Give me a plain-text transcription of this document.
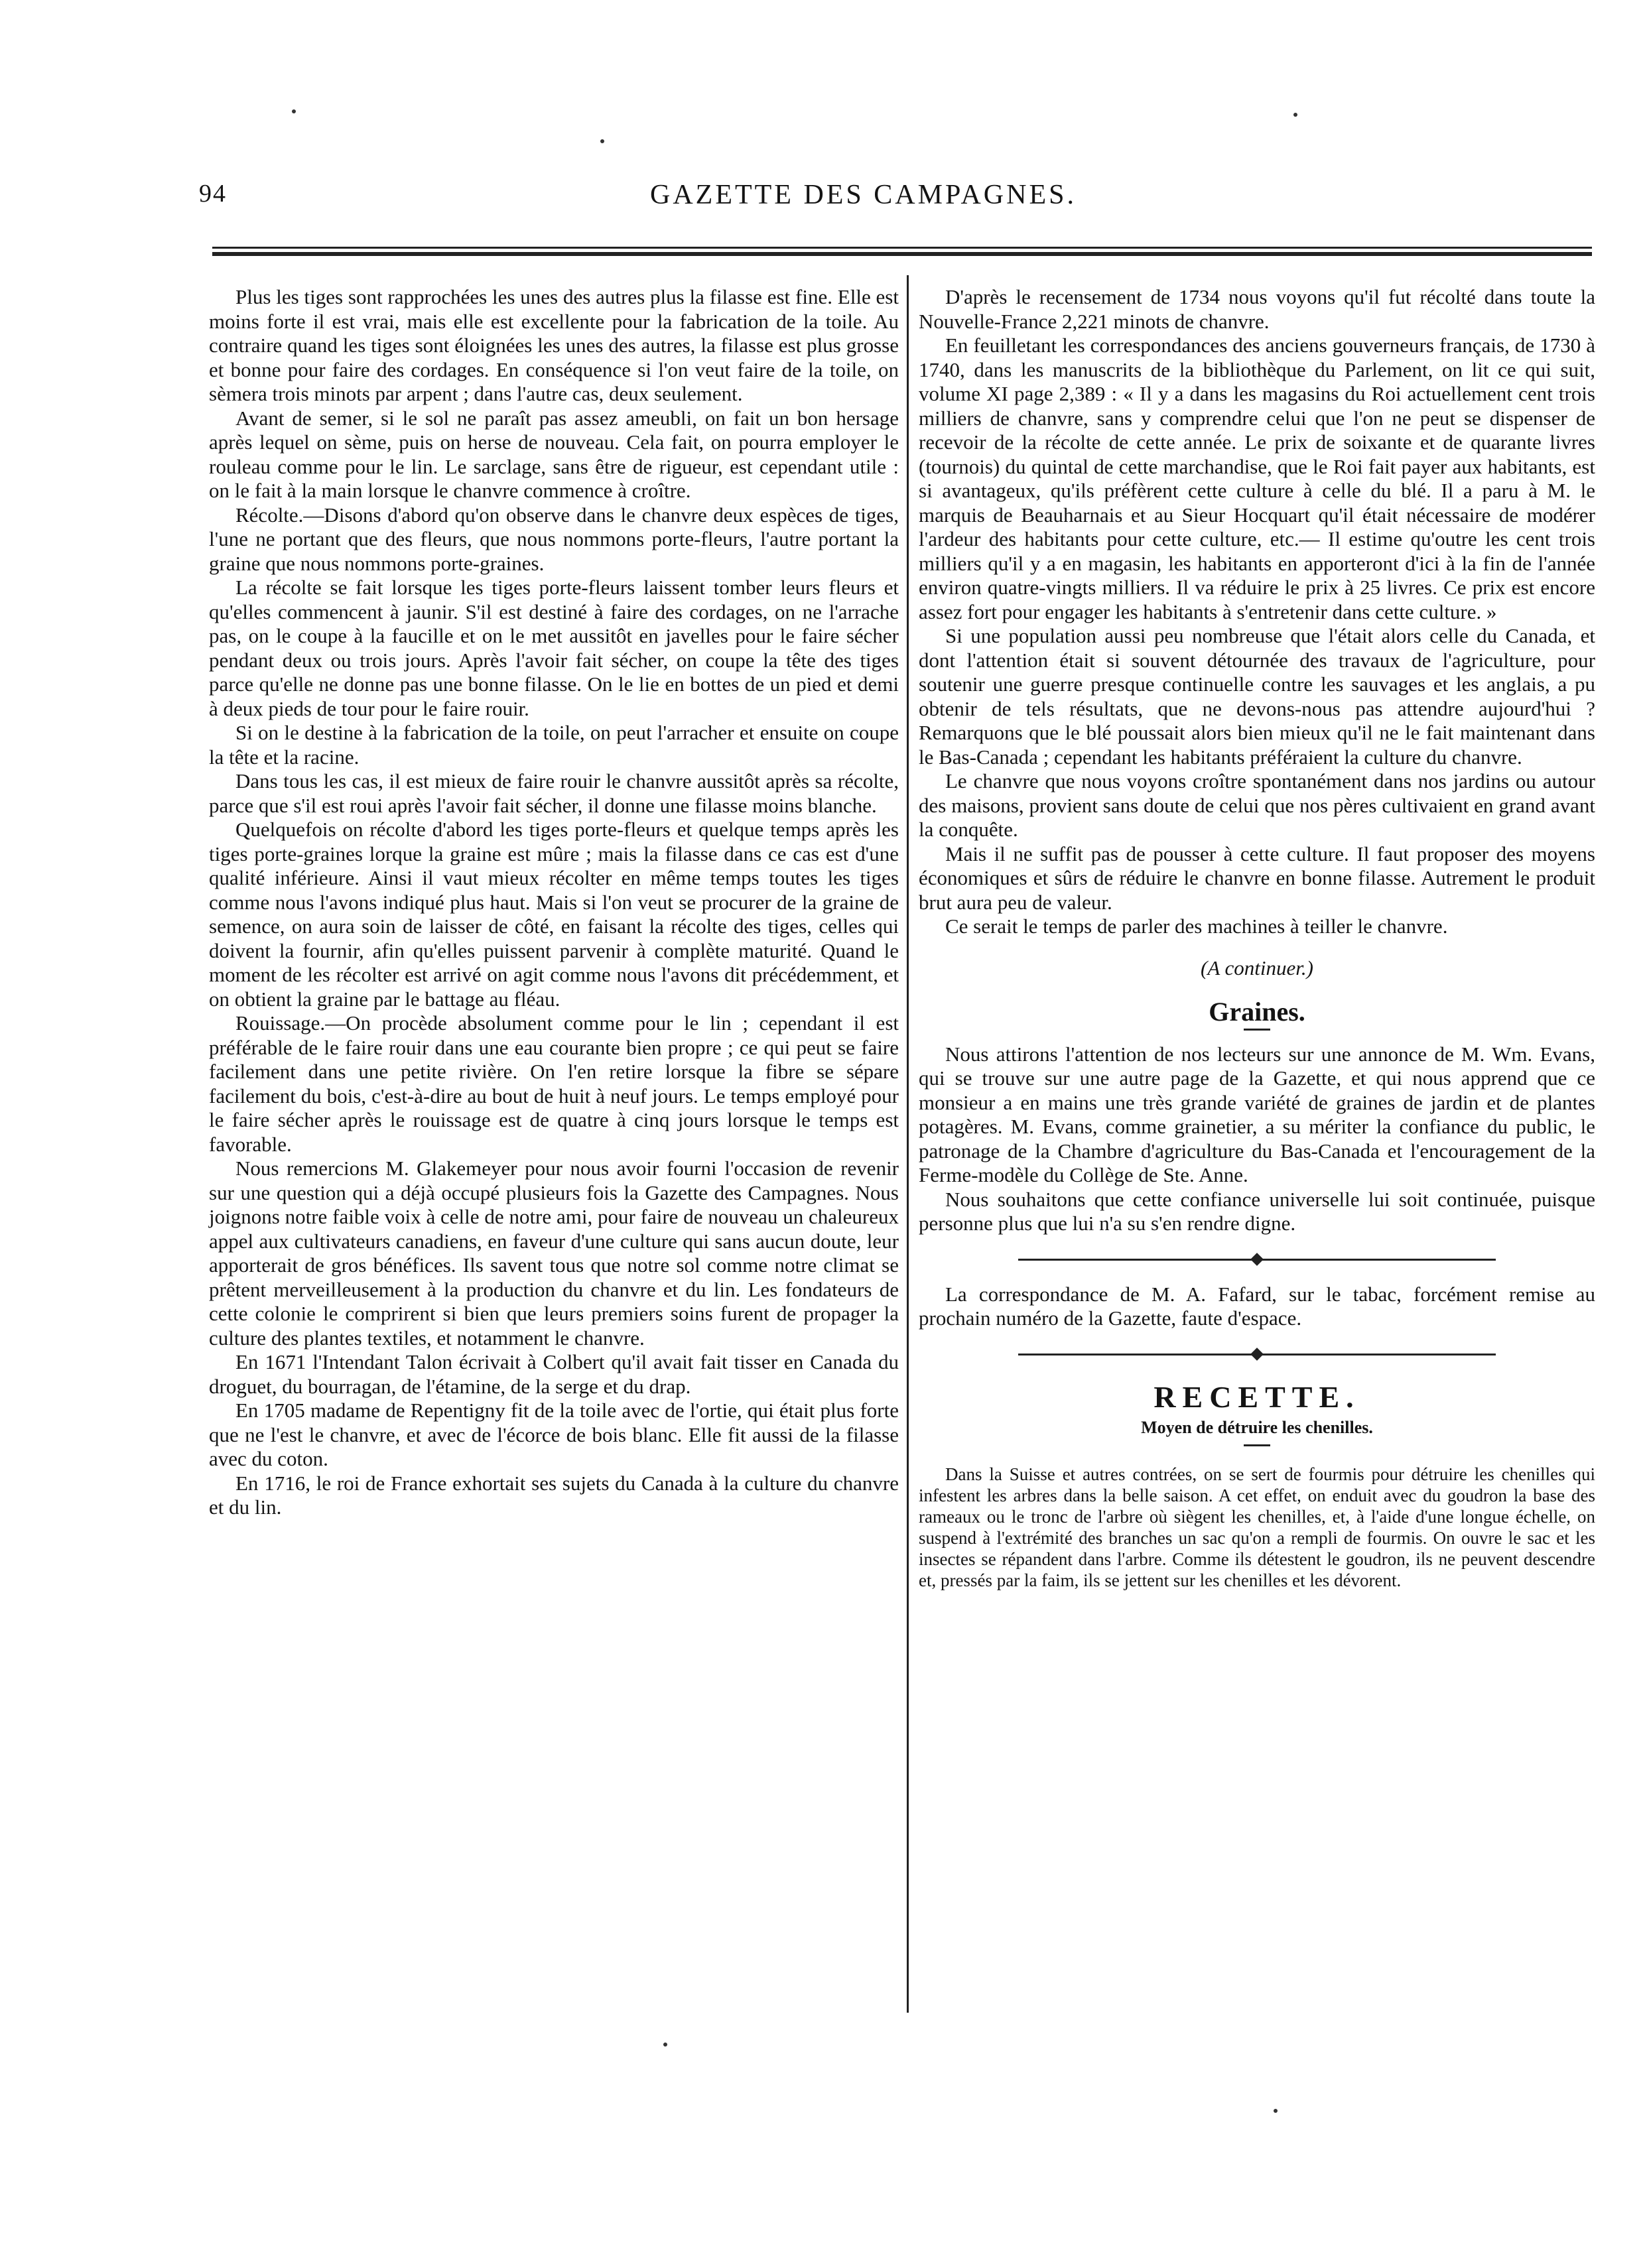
94	GAZETTE DES CAMPAGNES.

Plus les tiges sont rapprochées les unes des autres plus la filasse est fine. Elle est moins forte il est vrai, mais elle est excellente pour la fabrication de la toile. Au contraire quand les tiges sont éloignées les unes des autres, la filasse est plus grosse et bonne pour faire des cordages. En conséquence si l'on veut faire de la toile, on sèmera trois minots par arpent ; dans l'autre cas, deux seulement.

Avant de semer, si le sol ne paraît pas assez ameubli, on fait un bon hersage après lequel on sème, puis on herse de nouveau. Cela fait, on pourra employer le rouleau comme pour le lin. Le sarclage, sans être de rigueur, est cependant utile : on le fait à la main lorsque le chanvre commence à croître.

Récolte.—Disons d'abord qu'on observe dans le chanvre deux espèces de tiges, l'une ne portant que des fleurs, que nous nommons porte-fleurs, l'autre portant la graine que nous nommons porte-graines.

La récolte se fait lorsque les tiges porte-fleurs laissent tomber leurs fleurs et qu'elles commencent à jaunir. S'il est destiné à faire des cordages, on ne l'arrache pas, on le coupe à la faucille et on le met aussitôt en javelles pour le faire sécher pendant deux ou trois jours. Après l'avoir fait sécher, on coupe la tête des tiges parce qu'elle ne donne pas une bonne filasse. On le lie en bottes de un pied et demi à deux pieds de tour pour le faire rouir.

Si on le destine à la fabrication de la toile, on peut l'arracher et ensuite on coupe la tête et la racine.

Dans tous les cas, il est mieux de faire rouir le chanvre aussitôt après sa récolte, parce que s'il est roui après l'avoir fait sécher, il donne une filasse moins blanche.

Quelquefois on récolte d'abord les tiges porte-fleurs et quelque temps après les tiges porte-graines lorque la graine est mûre ; mais la filasse dans ce cas est d'une qualité inférieure. Ainsi il vaut mieux récolter en même temps toutes les tiges comme nous l'avons indiqué plus haut. Mais si l'on veut se procurer de la graine de semence, on aura soin de laisser de côté, en faisant la récolte des tiges, celles qui doivent la fournir, afin qu'elles puissent parvenir à complète maturité. Quand le moment de les récolter est arrivé on agit comme nous l'avons dit précédemment, et on obtient la graine par le battage au fléau.

Rouissage.—On procède absolument comme pour le lin ; cependant il est préférable de le faire rouir dans une eau courante bien propre ; ce qui peut se faire facilement dans une petite rivière. On l'en retire lorsque la fibre se sépare facilement du bois, c'est-à-dire au bout de huit à neuf jours. Le temps employé pour le faire sécher après le rouissage est de quatre à cinq jours lorsque le temps est favorable.

Nous remercions M. Glakemeyer pour nous avoir fourni l'occasion de revenir sur une question qui a déjà occupé plusieurs fois la Gazette des Campagnes. Nous joignons notre faible voix à celle de notre ami, pour faire de nouveau un chaleureux appel aux cultivateurs canadiens, en faveur d'une culture qui sans aucun doute, leur apporterait de gros bénéfices. Ils savent tous que notre sol comme notre climat se prêtent merveilleusement à la production du chanvre et du lin. Les fondateurs de cette colonie le comprirent si bien que leurs premiers soins furent de propager la culture des plantes textiles, et notamment le chanvre.

En 1671 l'Intendant Talon écrivait à Colbert qu'il avait fait tisser en Canada du droguet, du bourragan, de l'étamine, de la serge et du drap.

En 1705 madame de Repentigny fit de la toile avec de l'ortie, qui était plus forte que ne l'est le chanvre, et avec de l'écorce de bois blanc. Elle fit aussi de la filasse avec du coton.

En 1716, le roi de France exhortait ses sujets du Canada à la culture du chanvre et du lin.

D'après le recensement de 1734 nous voyons qu'il fut récolté dans toute la Nouvelle-France 2,221 minots de chanvre.

En feuilletant les correspondances des anciens gouverneurs français, de 1730 à 1740, dans les manuscrits de la bibliothèque du Parlement, on lit ce qui suit, volume XI page 2,389 : « Il y a dans les magasins du Roi actuellement cent trois milliers de chanvre, sans y comprendre celui que l'on ne peut se dispenser de recevoir de la récolte de cette année. Le prix de soixante et de quarante livres (tournois) du quintal de cette marchandise, que le Roi fait payer aux habitants, est si avantageux, qu'ils préfèrent cette culture à celle du blé. Il a paru à M. le marquis de Beauharnais et au Sieur Hocquart qu'il était nécessaire de modérer l'ardeur des habitants pour cette culture, etc.— Il estime qu'outre les cent trois milliers qu'il y a en magasin, les habitants en apporteront d'ici à la fin de l'année environ quatre-vingts milliers. Il va réduire le prix à 25 livres. Ce prix est encore assez fort pour engager les habitants à s'entretenir dans cette culture. »

Si une population aussi peu nombreuse que l'était alors celle du Canada, et dont l'attention était si souvent détournée des travaux de l'agriculture, pour soutenir une guerre presque continuelle contre les sauvages et les anglais, a pu obtenir de tels résultats, que ne devons-nous pas attendre aujourd'hui ? Remarquons que le blé poussait alors bien mieux qu'il ne le fait maintenant dans le Bas-Canada ; cependant les habitants préféraient la culture du chanvre.

Le chanvre que nous voyons croître spontanément dans nos jardins ou autour des maisons, provient sans doute de celui que nos pères cultivaient en grand avant la conquête.

Mais il ne suffit pas de pousser à cette culture. Il faut proposer des moyens économiques et sûrs de réduire le chanvre en bonne filasse. Autrement le produit brut aura peu de valeur.

Ce serait le temps de parler des machines à teiller le chanvre.

(A continuer.)

Graines.

Nous attirons l'attention de nos lecteurs sur une annonce de M. Wm. Evans, qui se trouve sur une autre page de la Gazette, et qui nous apprend que ce monsieur a en mains une très grande variété de graines de jardin et de plantes potagères. M. Evans, comme grainetier, a su mériter la confiance du public, le patronage de la Chambre d'agriculture du Bas-Canada et l'encouragement de la Ferme-modèle du Collège de Ste. Anne.

Nous souhaitons que cette confiance universelle lui soit continuée, puisque personne plus que lui n'a su s'en rendre digne.

La correspondance de M. A. Fafard, sur le tabac, forcément remise au prochain numéro de la Gazette, faute d'espace.

RECETTE.
Moyen de détruire les chenilles.

Dans la Suisse et autres contrées, on se sert de fourmis pour détruire les chenilles qui infestent les arbres dans la belle saison. A cet effet, on enduit avec du goudron la base des rameaux ou le tronc de l'arbre où siègent les chenilles, et, à l'aide d'une longue échelle, on suspend à l'extrémité des branches un sac qu'on a rempli de fourmis. On ouvre le sac et les insectes se répandent dans l'arbre. Comme ils détestent le goudron, ils ne peuvent descendre et, pressés par la faim, ils se jettent sur les chenilles et les dévorent.
